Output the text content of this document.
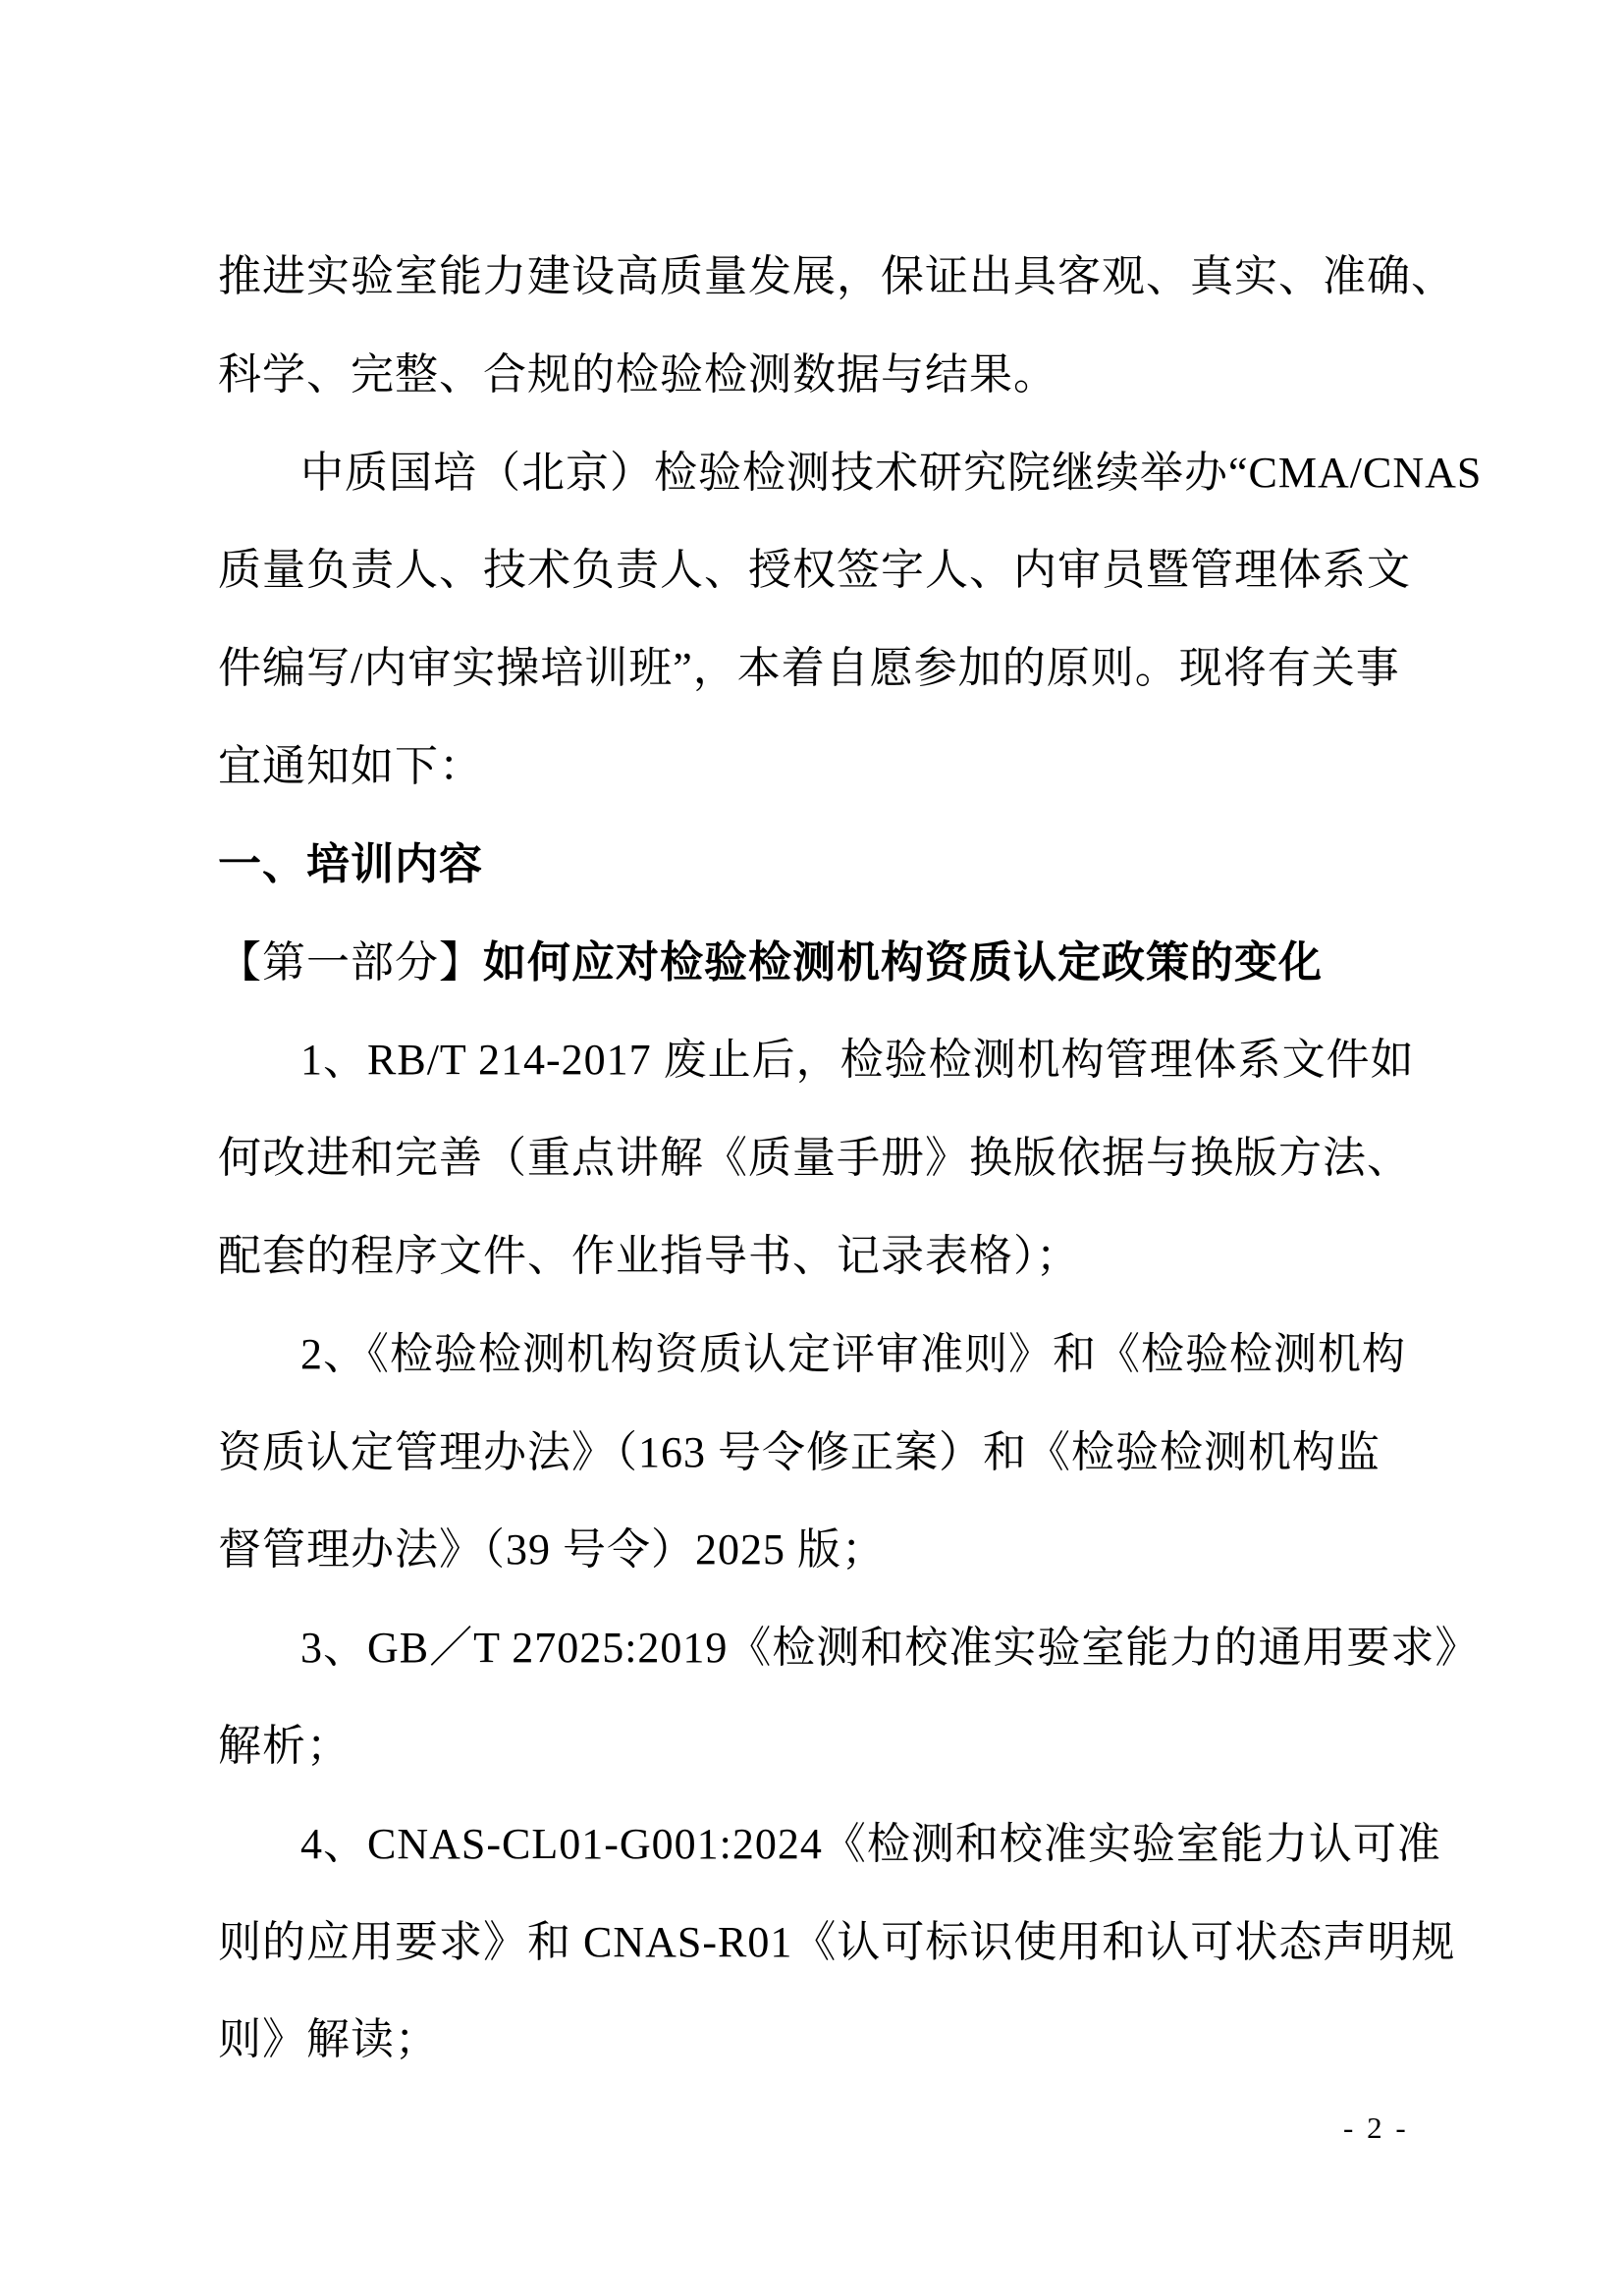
推进实验室能力建设高质量发展，保证出具客观、真实、准确、
科学、完整、合规的检验检测数据与结果。
中质国培（北京）检验检测技术研究院继续举办“CMA/CNAS
质量负责人、技术负责人、授权签字人、内审员暨管理体系文
件编写/内审实操培训班”，本着自愿参加的原则。现将有关事
宜通知如下：
一、培训内容
【第一部分】如何应对检验检测机构资质认定政策的变化
1、RB/T 214-2017 废止后，检验检测机构管理体系文件如
何改进和完善（重点讲解《质量手册》换版依据与换版方法、
配套的程序文件、作业指导书、记录表格）；
2、《检验检测机构资质认定评审准则》和《检验检测机构
资质认定管理办法》（163 号令修正案）和《检验检测机构监
督管理办法》（39 号令）2025 版；
3、GB／T 27025:2019《检测和校准实验室能力的通用要求》
解析；
4、CNAS-CL01-G001:2024《检测和校准实验室能力认可准
则的应用要求》和 CNAS-R01《认可标识使用和认可状态声明规
则》解读；
- 2 -
